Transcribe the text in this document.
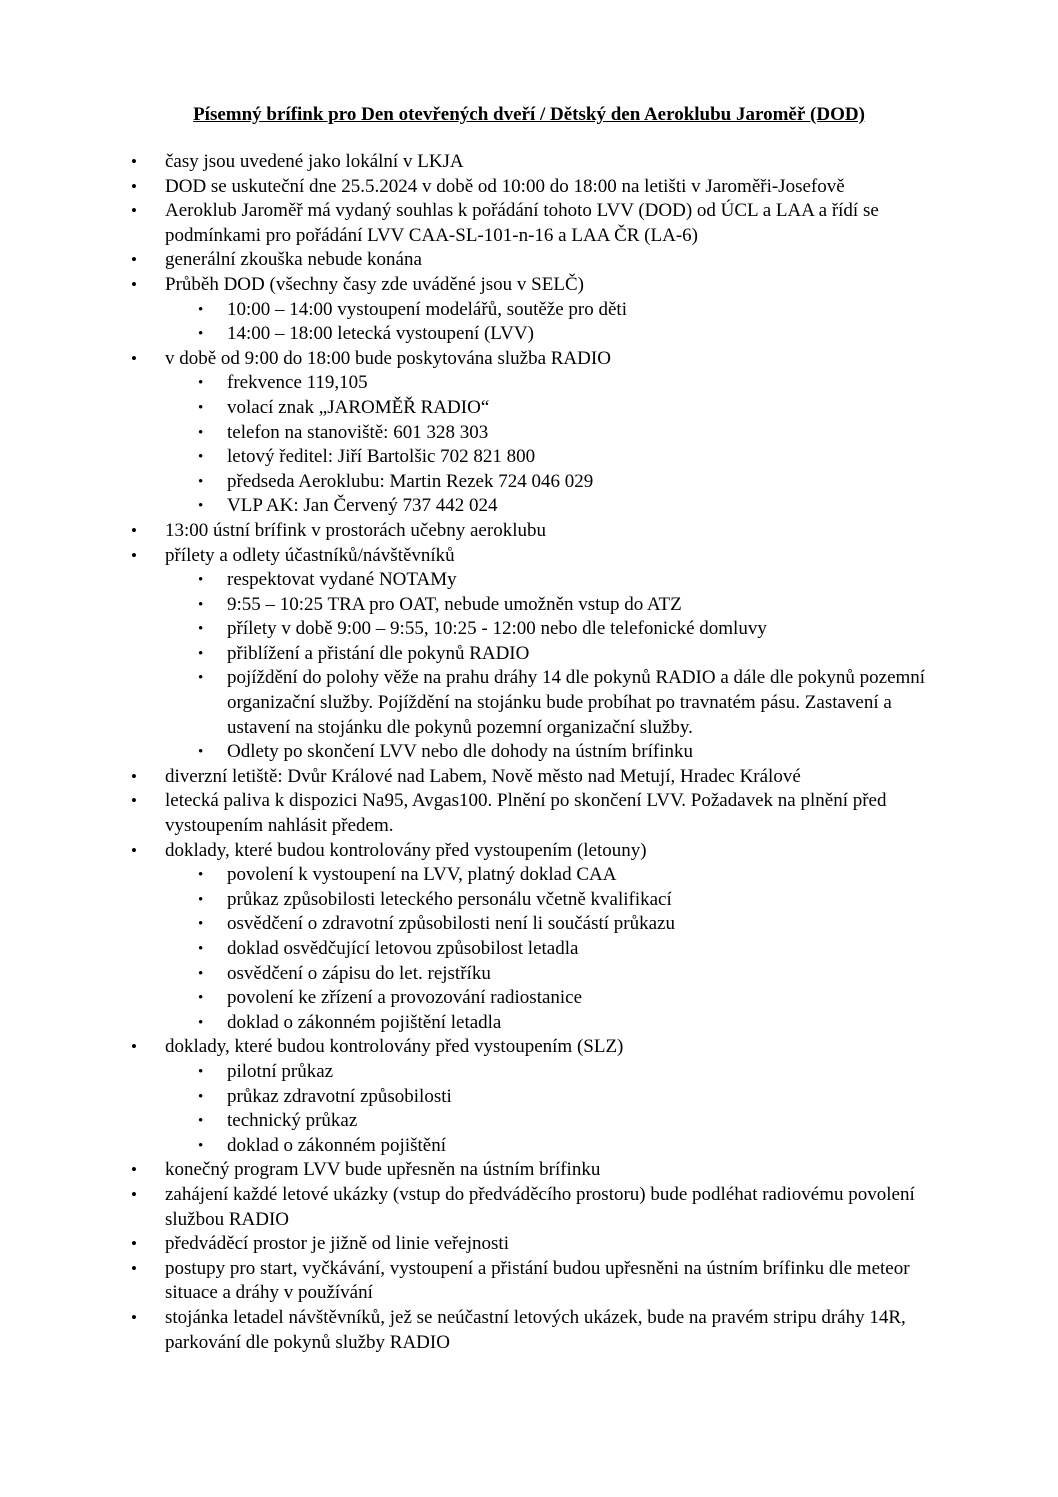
Písemný brífink pro Den otevřených dveří / Dětský den Aeroklubu Jaroměř (DOD)
• časy jsou uvedené jako lokální v LKJA
• DOD se uskuteční dne 25.5.2024 v době od 10:00 do 18:00 na letišti v Jaroměři-Josefově
• Aeroklub Jaroměř má vydaný souhlas k pořádání tohoto LVV (DOD) od ÚCL a LAA a řídí se podmínkami pro pořádání LVV CAA-SL-101-n-16 a LAA ČR (LA-6)
• generální zkouška nebude konána
• Průběh DOD (všechny časy zde uváděné jsou v SELČ)
• 10:00 – 14:00 vystoupení modelářů, soutěže pro děti
• 14:00 – 18:00 letecká vystoupení (LVV)
• v době od 9:00 do 18:00 bude poskytována služba RADIO
• frekvence 119,105
• volací znak „JAROMĚŘ RADIO“
• telefon na stanoviště: 601 328 303
• letový ředitel: Jiří Bartolšic 702 821 800
• předseda Aeroklubu: Martin Rezek 724 046 029
• VLP AK: Jan Červený 737 442 024
• 13:00 ústní brífink v prostorách učebny aeroklubu
• přílety a odlety účastníků/návštěvníků
• respektovat vydané NOTAMy
• 9:55 – 10:25 TRA pro OAT, nebude umožněn vstup do ATZ
• přílety v době 9:00 – 9:55, 10:25 - 12:00 nebo dle telefonické domluvy
• přiblížení a přistání dle pokynů RADIO
• pojíždění do polohy věže na prahu dráhy 14 dle pokynů RADIO a dále dle pokynů pozemní organizační služby. Pojíždění na stojánku bude probíhat po travnatém pásu. Zastavení a ustavení na stojánku dle pokynů pozemní organizační služby.
• Odlety po skončení LVV nebo dle dohody na ústním brífinku
• diverzní letiště: Dvůr Králové nad Labem, Nově město nad Metují, Hradec Králové
• letecká paliva k dispozici Na95, Avgas100. Plnění po skončení LVV. Požadavek na plnění před vystoupením nahlásit předem.
• doklady, které budou kontrolovány před vystoupením (letouny)
• povolení k vystoupení na LVV, platný doklad CAA
• průkaz způsobilosti leteckého personálu včetně kvalifikací
• osvědčení o zdravotní způsobilosti není li součástí průkazu
• doklad osvědčující letovou způsobilost letadla
• osvědčení o zápisu do let. rejstříku
• povolení ke zřízení a provozování radiostanice
• doklad o zákonném pojištění letadla
• doklady, které budou kontrolovány před vystoupením (SLZ)
• pilotní průkaz
• průkaz zdravotní způsobilosti
• technický průkaz
• doklad o zákonném pojištění
• konečný program LVV bude upřesněn na ústním brífinku
• zahájení každé letové ukázky (vstup do předváděcího prostoru) bude podléhat radiovému povolení službou RADIO
• předváděcí prostor je jižně od linie veřejnosti
• postupy pro start, vyčkávání, vystoupení a přistání budou upřesněni na ústním brífinku dle meteor situace a dráhy v používání
• stojánka letadel návštěvníků, jež se neúčastní letových ukázek, bude na pravém stripu dráhy 14R, parkování dle pokynů služby RADIO
